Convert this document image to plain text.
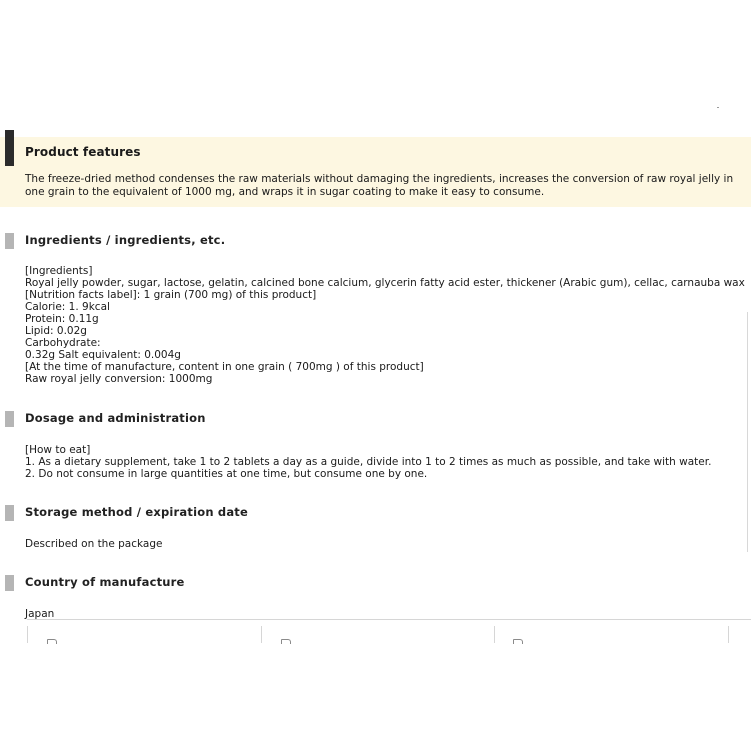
Product features
The freeze-dried method condenses the raw materials without damaging the ingredients, increases the conversion of raw royal jelly in one grain to the equivalent of 1000 mg, and wraps it in sugar coating to make it easy to consume.
Ingredients / ingredients, etc.
[Ingredients]
Royal jelly powder, sugar, lactose, gelatin, calcined bone calcium, glycerin fatty acid ester, thickener (Arabic gum), cellac, carnauba wax
[Nutrition facts label]: 1 grain (700 mg) of this product]
Calorie: 1. 9kcal
Protein: 0.11g
Lipid: 0.02g
Carbohydrate:
0.32g Salt equivalent: 0.004g
[At the time of manufacture, content in one grain ( 700mg ) of this product]
Raw royal jelly conversion: 1000mg
Dosage and administration
[How to eat]
1. As a dietary supplement, take 1 to 2 tablets a day as a guide, divide into 1 to 2 times as much as possible, and take with water.
2. Do not consume in large quantities at one time, but consume one by one.
Storage method / expiration date
Described on the package
Country of manufacture
Japan
